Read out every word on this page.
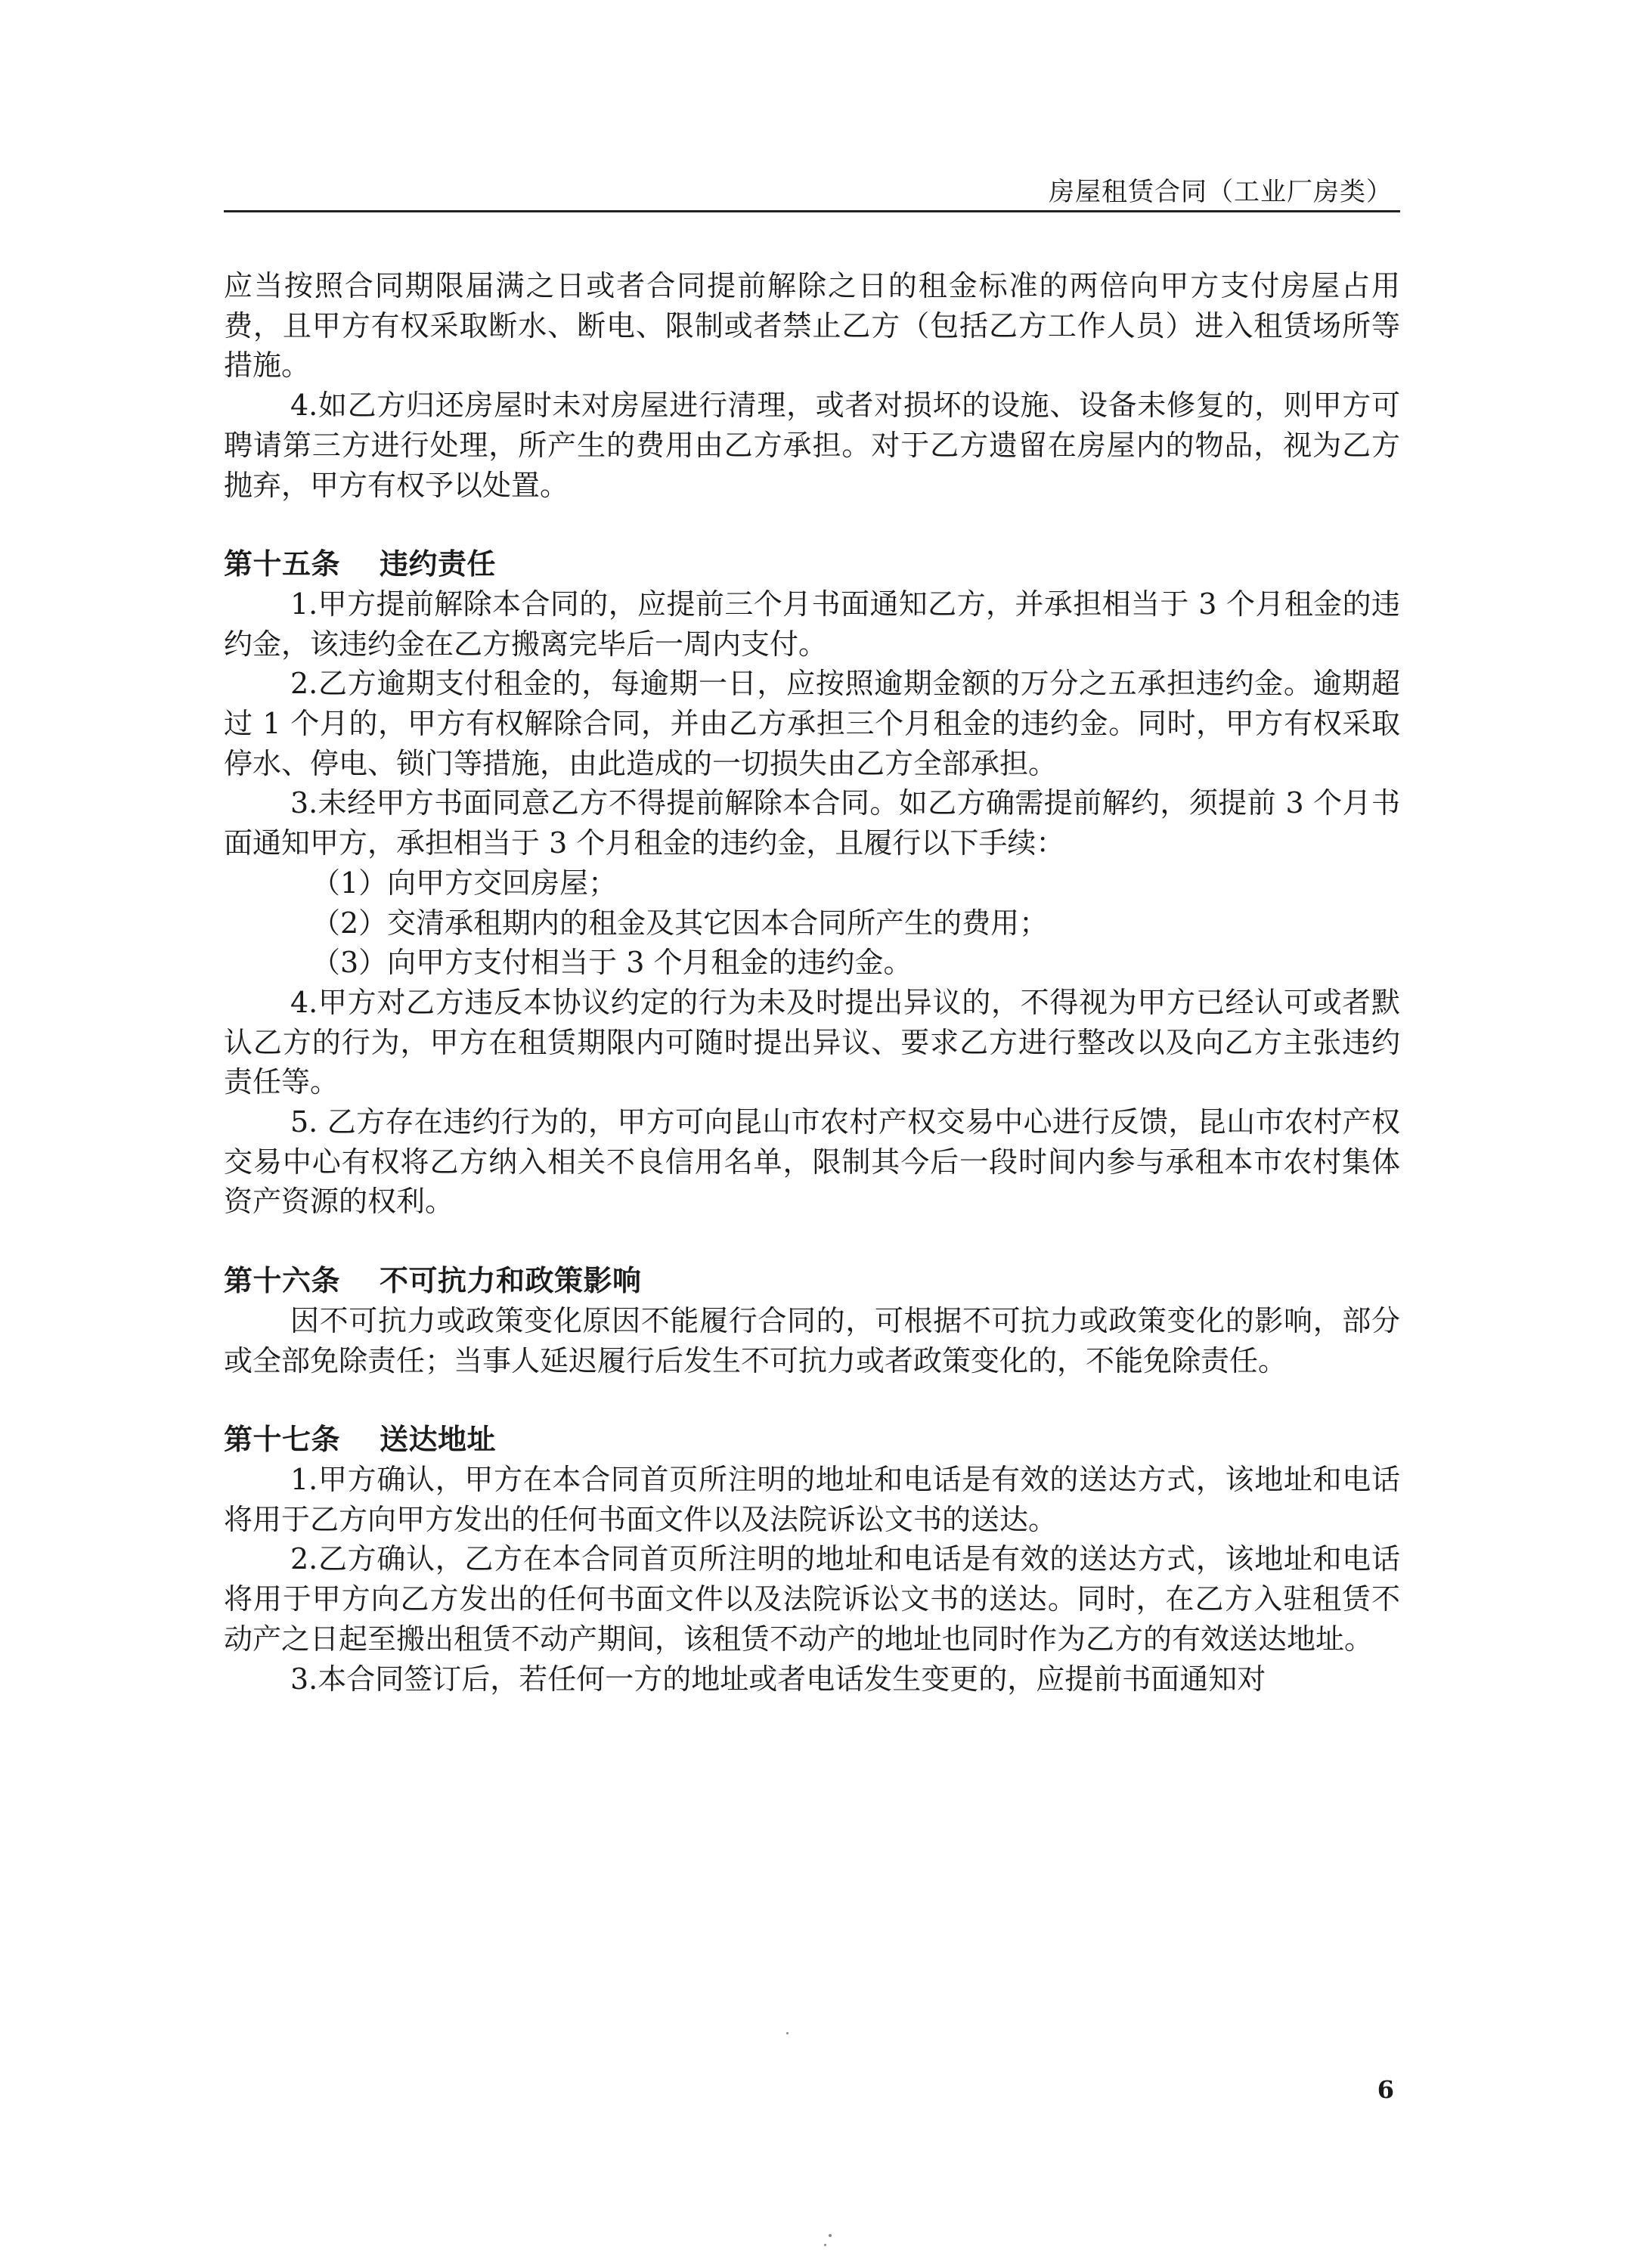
房屋租赁合同（工业厂房类）

应当按照合同期限届满之日或者合同提前解除之日的租金标准的两倍向甲方支付房屋占用费，且甲方有权采取断水、断电、限制或者禁止乙方（包括乙方工作人员）进入租赁场所等措施。

4.如乙方归还房屋时未对房屋进行清理，或者对损坏的设施、设备未修复的，则甲方可聘请第三方进行处理，所产生的费用由乙方承担。对于乙方遗留在房屋内的物品，视为乙方抛弃，甲方有权予以处置。

第十五条 违约责任

1.甲方提前解除本合同的，应提前三个月书面通知乙方，并承担相当于 3 个月租金的违约金，该违约金在乙方搬离完毕后一周内支付。

2.乙方逾期支付租金的，每逾期一日，应按照逾期金额的万分之五承担违约金。逾期超过 1 个月的，甲方有权解除合同，并由乙方承担三个月租金的违约金。同时，甲方有权采取停水、停电、锁门等措施，由此造成的一切损失由乙方全部承担。

3.未经甲方书面同意乙方不得提前解除本合同。如乙方确需提前解约，须提前 3 个月书面通知甲方，承担相当于 3 个月租金的违约金，且履行以下手续：

（1）向甲方交回房屋；

（2）交清承租期内的租金及其它因本合同所产生的费用；

（3）向甲方支付相当于 3 个月租金的违约金。

4.甲方对乙方违反本协议约定的行为未及时提出异议的，不得视为甲方已经认可或者默认乙方的行为，甲方在租赁期限内可随时提出异议、要求乙方进行整改以及向乙方主张违约责任等。

5. 乙方存在违约行为的，甲方可向昆山市农村产权交易中心进行反馈，昆山市农村产权交易中心有权将乙方纳入相关不良信用名单，限制其今后一段时间内参与承租本市农村集体资产资源的权利。

第十六条 不可抗力和政策影响

因不可抗力或政策变化原因不能履行合同的，可根据不可抗力或政策变化的影响，部分或全部免除责任；当事人延迟履行后发生不可抗力或者政策变化的，不能免除责任。

第十七条 送达地址

1.甲方确认，甲方在本合同首页所注明的地址和电话是有效的送达方式，该地址和电话将用于乙方向甲方发出的任何书面文件以及法院诉讼文书的送达。

2.乙方确认，乙方在本合同首页所注明的地址和电话是有效的送达方式，该地址和电话将用于甲方向乙方发出的任何书面文件以及法院诉讼文书的送达。同时，在乙方入驻租赁不动产之日起至搬出租赁不动产期间，该租赁不动产的地址也同时作为乙方的有效送达地址。

3.本合同签订后，若任何一方的地址或者电话发生变更的，应提前书面通知对

6
